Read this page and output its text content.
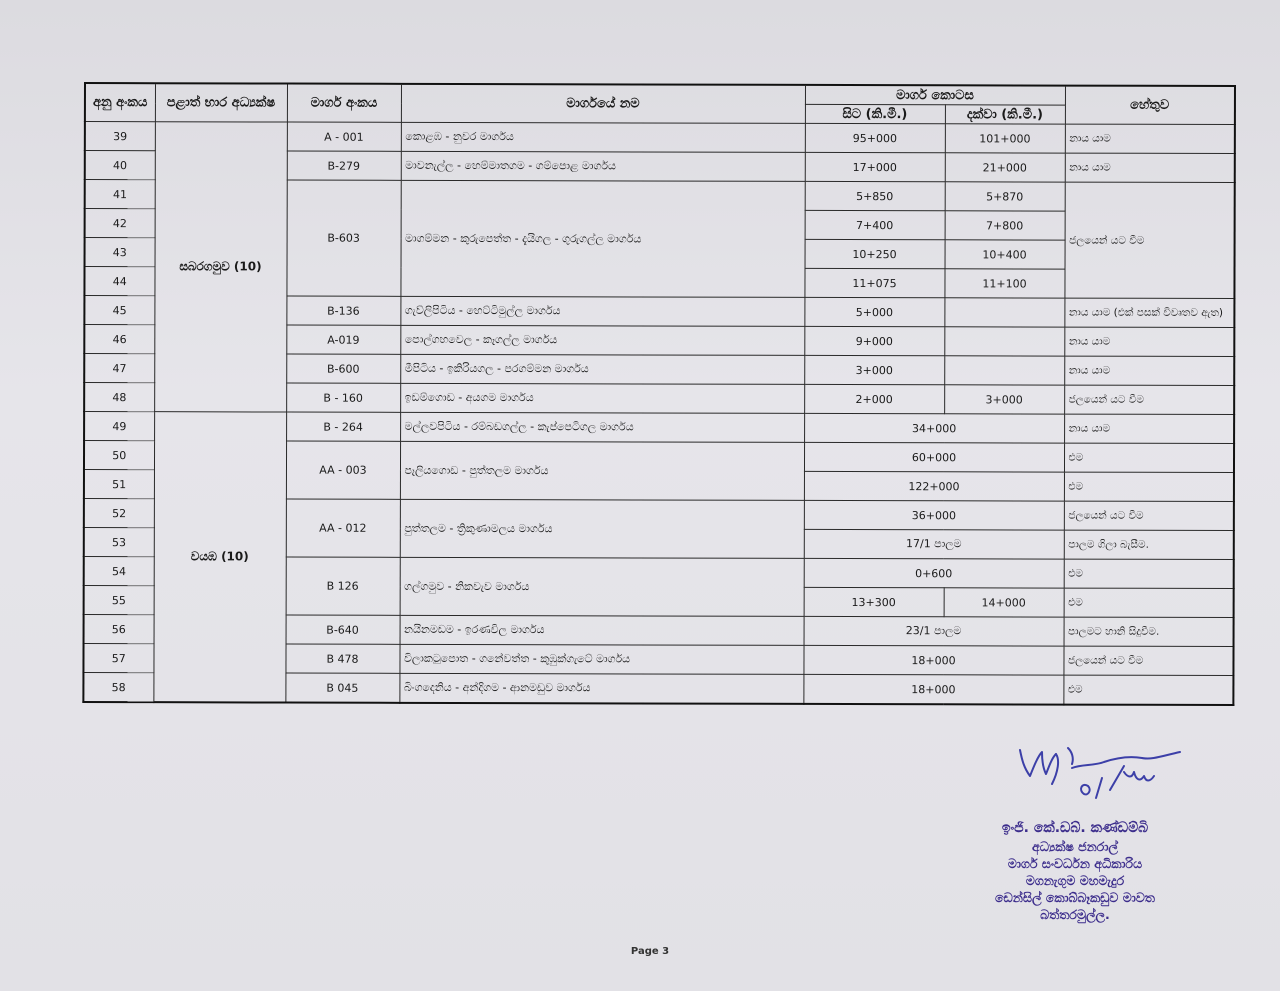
අනු අංකය	පළාත් භාර අධ්‍යක්ෂ	මාර්ග අංකය	මාර්ගයේ නම	මාර්ග කොටස		හේතුව
				සිට (කි.මී.)	දක්වා (කි.මී.)	
39	සබරගමුව (10)	A - 001	කොළඹ - නුවර මාර්ගය	95+000	101+000	නාය යාම
40		B-279	මාවනැල්ල - හෙම්මාතගම - ගම්පොළ මාර්ගය	17+000	21+000	නාය යාම
41		B-603	මාගම්මන - කුරුපෙත්ත - දැයිගල - ගුරුගල්ල මාර්ගය	5+850	5+870	ජලයෙන් යට වීම
42				7+400	7+800	
43				10+250	10+400	
44				11+075	11+100	
45		B-136	ගැව්ලිපිටිය - හෙට්ටිමුල්ල මාර්ගය	5+000		නාය යාම (එක් පසක් විවෘතව ඇත)
46		A-019	පොල්ගහවෙල - කෑගල්ල මාර්ගය	9+000		නාය යාම
47		B-600	මීපිටිය - ඉකිරියගල - පරගම්මන මාර්ගය	3+000		නාය යාම
48		B - 160	ඉඩම්ගොඩ - අයගම මාර්ගය	2+000	3+000	ජලයෙන් යට වීම
49	වයඹ (10)	B - 264	මල්ලවපිටිය - රම්බඩගල්ල - කැප්පෙටිගල මාර්ගය	34+000		නාය යාම
50		AA - 003	පෑලියගොඩ - පුත්තලම මාර්ගය	60+000		එම
51				122+000		එම
52		AA - 012	පුත්තලම - ත්‍රිකුණාමලය මාර්ගය	36+000		ජලයෙන් යට වීම
53				17/1 පාලම		පාලම ගිලා බැසීම.
54		B 126	ගල්ගමුව - නිකවැව මාර්ගය	0+600		එම
55				13+300	14+000	එම
56		B-640	නයිනමඩම - ඉරණවිල මාර්ගය	23/1 පාලම		පාලමට හානි සිදුවීම.
57		B 478	විලාකටුපොත - ගනේවත්ත - කුඹුක්ගැටේ මාර්ගය	18+000		ජලයෙන් යට වීම
58		B 045	බිංගදෙනිය - අන්දිගම - ආනමඩුව මාර්ගය	18+000		එම
ඉංජි. කේ.ඩබ්. කණ්ඩම්බි
අධ්‍යක්ෂ ජනරාල්
මාර්ග සංවර්ධන අධිකාරිය
මගනැගුම මහමැදුර
ඩෙන්සිල් කොබ්බෑකඩුව මාවත
බත්තරමුල්ල.
Page 3
